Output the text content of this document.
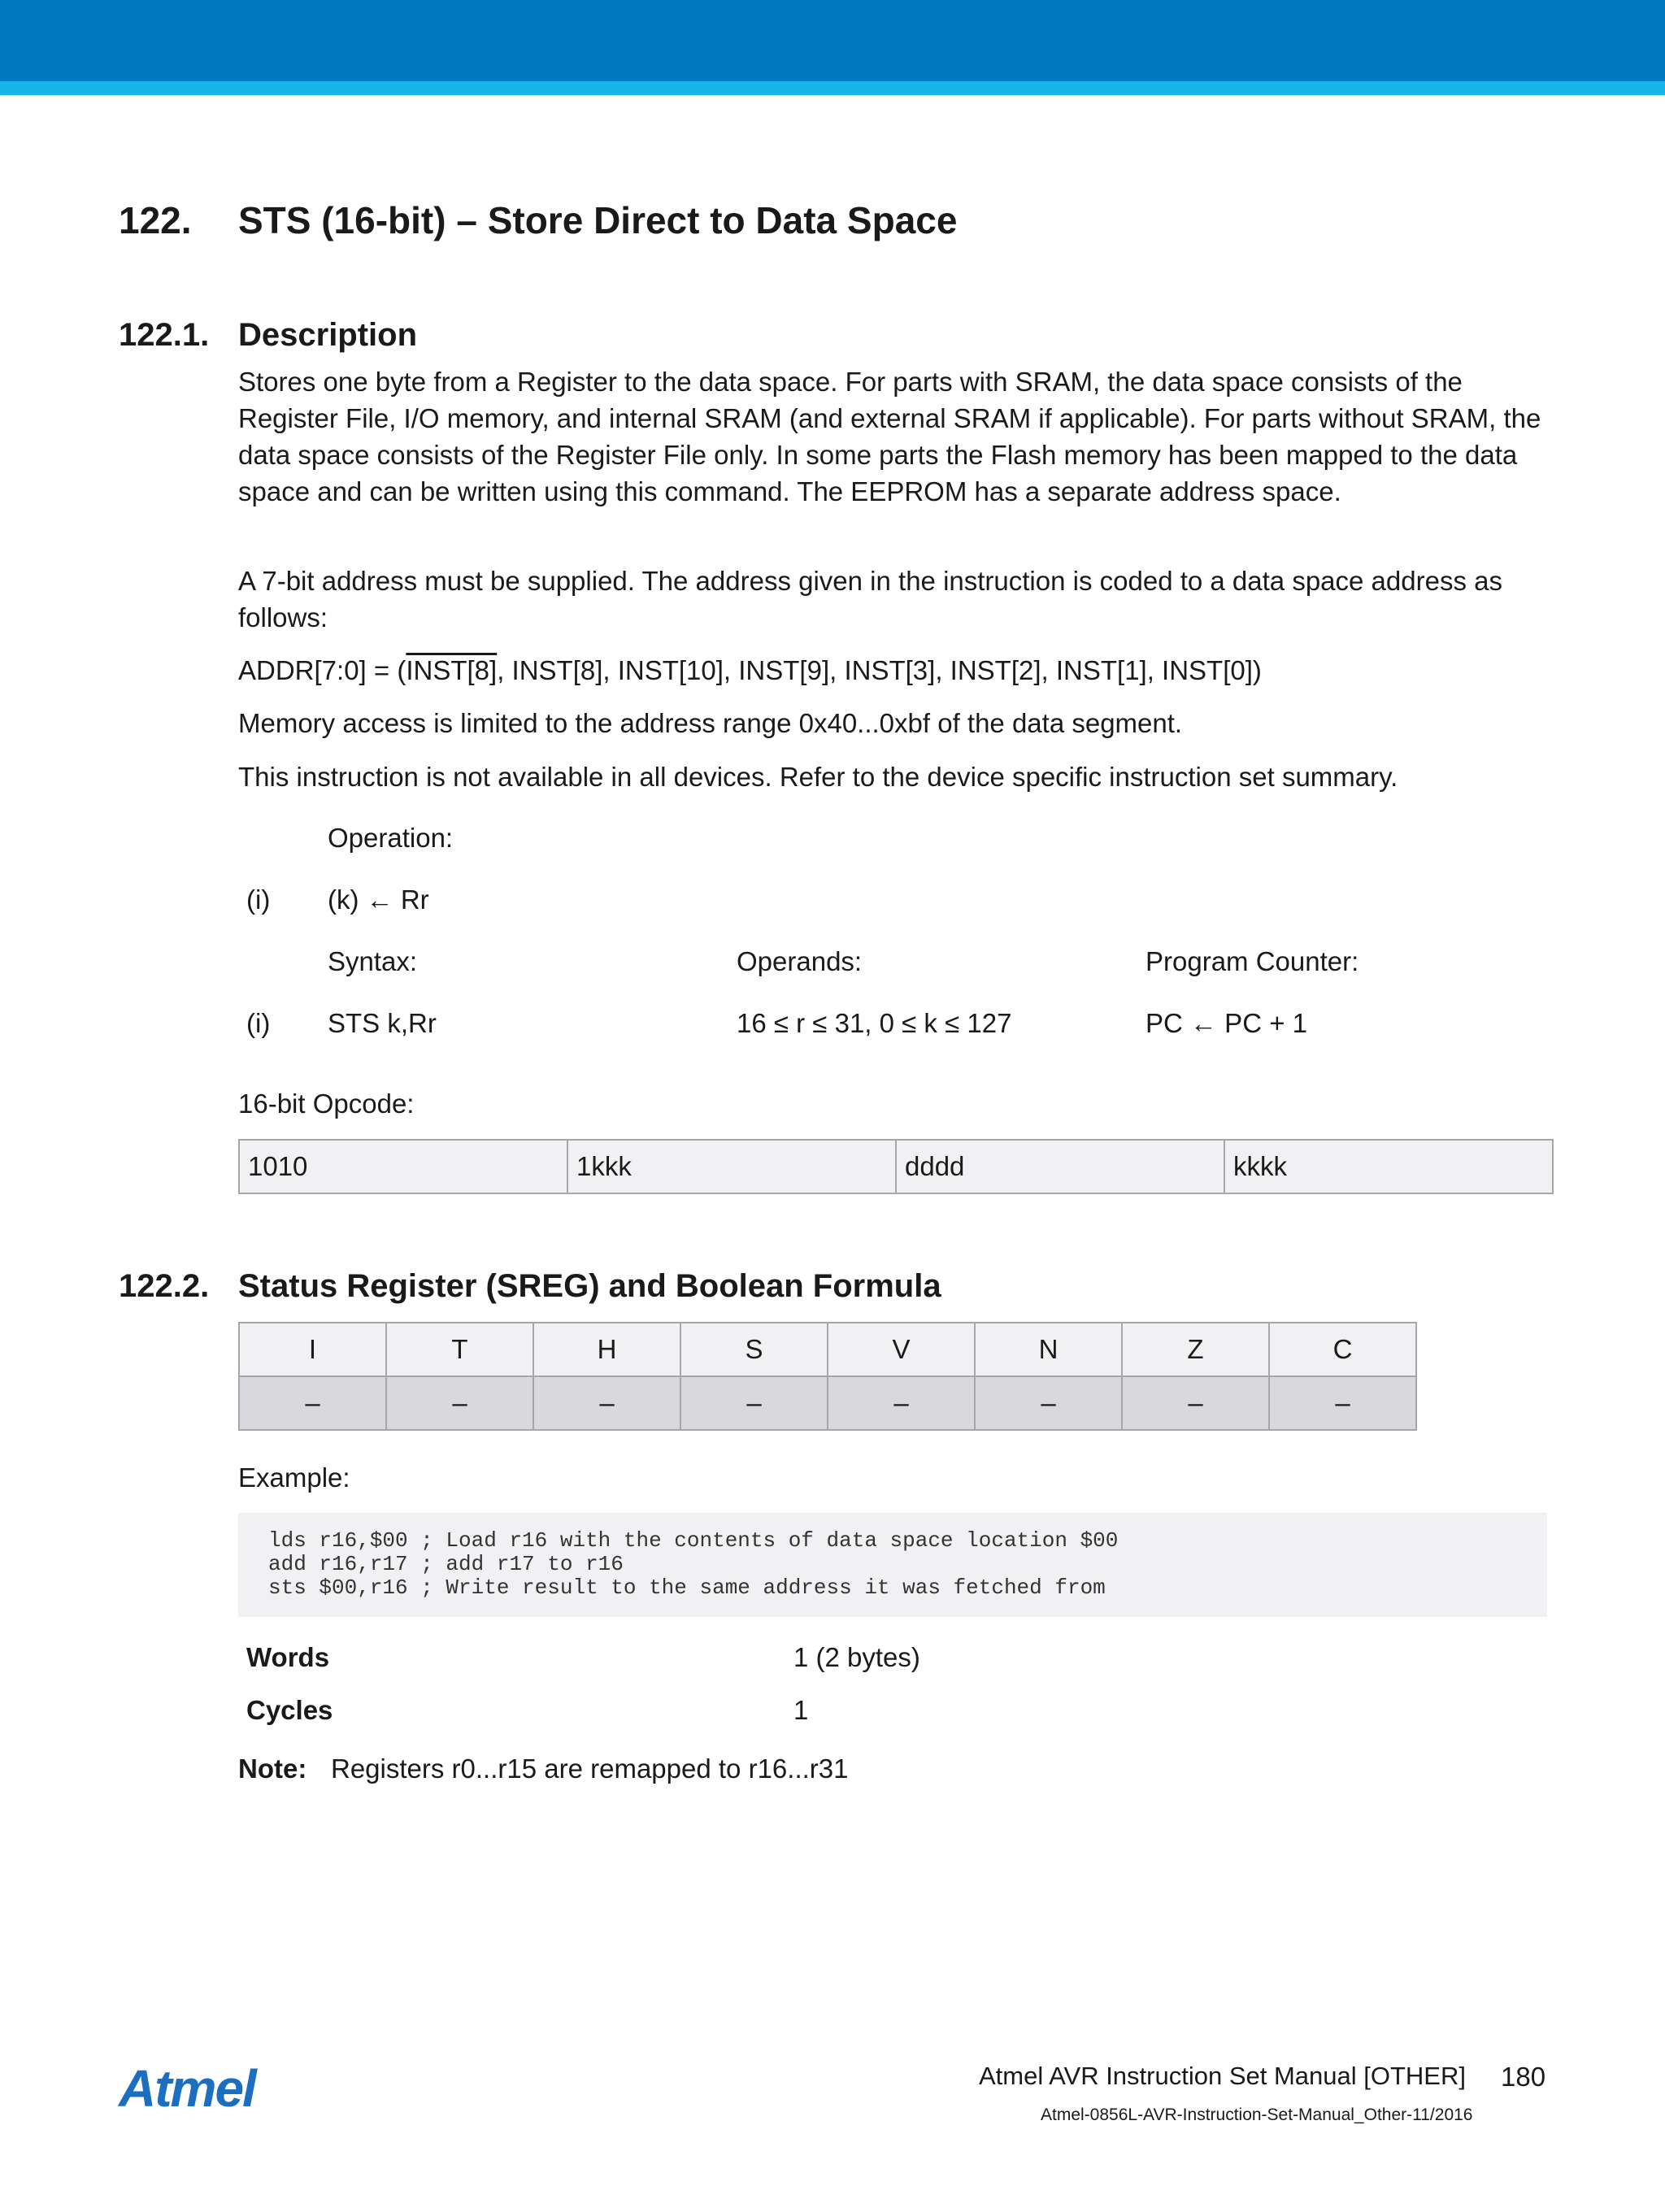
122. STS (16-bit) – Store Direct to Data Space
122.1. Description
Stores one byte from a Register to the data space. For parts with SRAM, the data space consists of the Register File, I/O memory, and internal SRAM (and external SRAM if applicable). For parts without SRAM, the data space consists of the Register File only. In some parts the Flash memory has been mapped to the data space and can be written using this command. The EEPROM has a separate address space.
A 7-bit address must be supplied. The address given in the instruction is coded to a data space address as follows:
ADDR[7:0] = (INST[8], INST[8], INST[10], INST[9], INST[3], INST[2], INST[1], INST[0])
Memory access is limited to the address range 0x40...0xbf of the data segment.
This instruction is not available in all devices. Refer to the device specific instruction set summary.
Operation:
(i) (k) ← Rr
Syntax:	Operands:	Program Counter:
(i) STS k,Rr	16 ≤ r ≤ 31, 0 ≤ k ≤ 127	PC ← PC + 1
16-bit Opcode:
1010	1kkk	dddd	kkkk
122.2. Status Register (SREG) and Boolean Formula
I	T	H	S	V	N	Z	C
–	–	–	–	–	–	–	–
Example:
lds r16,$00 ; Load r16 with the contents of data space location $00
add r16,r17 ; add r17 to r16
sts $00,r16 ; Write result to the same address it was fetched from
Words	1 (2 bytes)
Cycles	1
Note: Registers r0...r15 are remapped to r16...r31
Atmel	Atmel AVR Instruction Set Manual [OTHER] 180
Atmel-0856L-AVR-Instruction-Set-Manual_Other-11/2016
